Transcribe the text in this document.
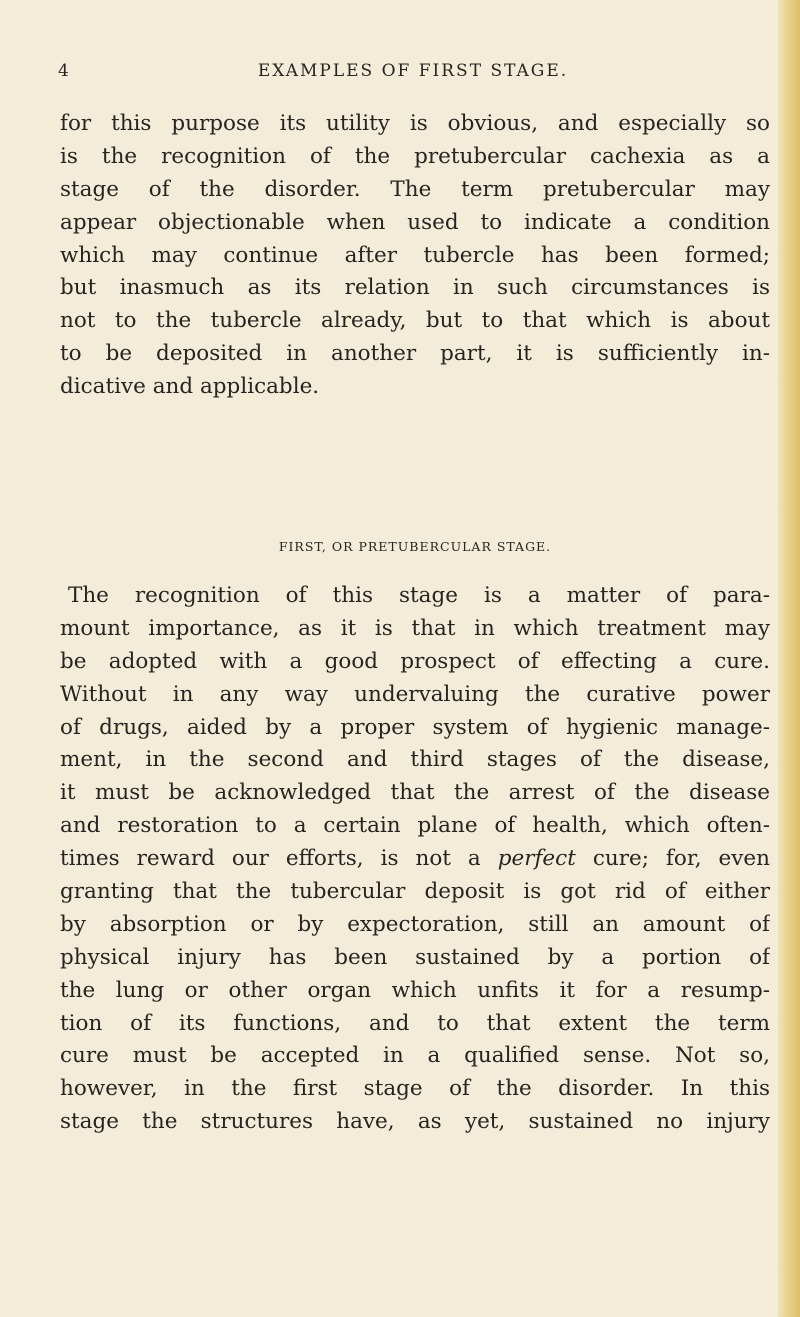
4	EXAMPLES OF FIRST STAGE.
for this purpose its utility is obvious, and especially so
is the recognition of the pretubercular cachexia as a
stage of the disorder. The term pretubercular may
appear objectionable when used to indicate a condition
which may continue after tubercle has been formed;
but inasmuch as its relation in such circumstances is
not to the tubercle already, but to that which is about
to be deposited in another part, it is sufficiently in-
dicative and applicable.
FIRST, OR PRETUBERCULAR STAGE.
The recognition of this stage is a matter of para-
mount importance, as it is that in which treatment may
be adopted with a good prospect of effecting a cure.
Without in any way undervaluing the curative power
of drugs, aided by a proper system of hygienic manage-
ment, in the second and third stages of the disease,
it must be acknowledged that the arrest of the disease
and restoration to a certain plane of health, which often-
times reward our efforts, is not a perfect cure; for, even
granting that the tubercular deposit is got rid of either
by absorption or by expectoration, still an amount of
physical injury has been sustained by a portion of
the lung or other organ which unfits it for a resump-
tion of its functions, and to that extent the term
cure must be accepted in a qualified sense. Not so,
however, in the first stage of the disorder. In this
stage the structures have, as yet, sustained no injury
